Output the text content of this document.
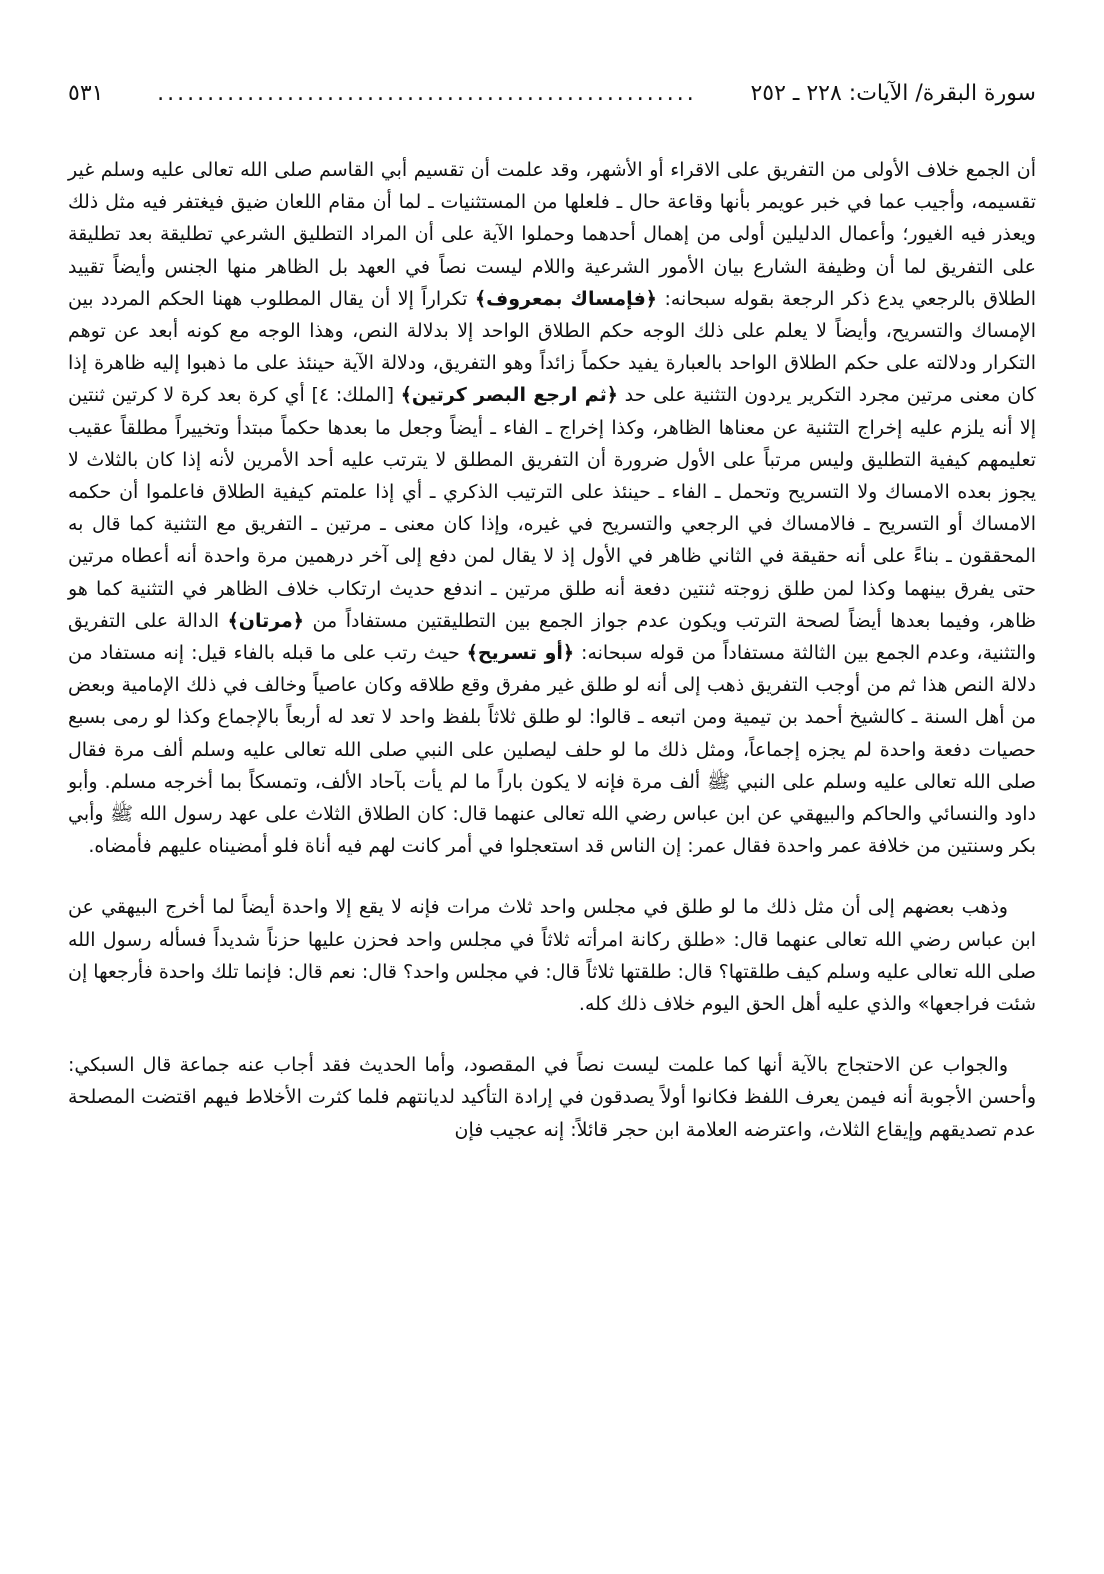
سورة البقرة/ الآيات: ٢٢٨ ـ ٢٥٢
......................................................
٥٣١

أن الجمع خلاف الأولى من التفريق على الاقراء أو الأشهر، وقد علمت أن تقسيم أبي القاسم صلى الله تعالى عليه وسلم غير تقسيمه، وأجيب عما في خبر عويمر بأنها وقاعة حال ـ فلعلها من المستثنيات ـ لما أن مقام اللعان ضيق فيغتفر فيه مثل ذلك ويعذر فيه الغيور؛ وأعمال الدليلين أولى من إهمال أحدهما وحملوا الآية على أن المراد التطليق الشرعي تطليقة بعد تطليقة على التفريق لما أن وظيفة الشارع بيان الأمور الشرعية واللام ليست نصاً في العهد بل الظاهر منها الجنس وأيضاً تقييد الطلاق بالرجعي يدع ذكر الرجعة بقوله سبحانه: ﴿فإمساك بمعروف﴾ تكراراً إلا أن يقال المطلوب ههنا الحكم المردد بين الإمساك والتسريح، وأيضاً لا يعلم على ذلك الوجه حكم الطلاق الواحد إلا بدلالة النص، وهذا الوجه مع كونه أبعد عن توهم التكرار ودلالته على حكم الطلاق الواحد بالعبارة يفيد حكماً زائداً وهو التفريق، ودلالة الآية حينئذ على ما ذهبوا إليه ظاهرة إذا كان معنى مرتين مجرد التكرير يردون التثنية على حد ﴿ثم ارجع البصر كرتين﴾ [الملك: ٤] أي كرة بعد كرة لا كرتين ثنتين إلا أنه يلزم عليه إخراج التثنية عن معناها الظاهر، وكذا إخراج ـ الفاء ـ أيضاً وجعل ما بعدها حكماً مبتدأ وتخييراً مطلقاً عقيب تعليمهم كيفية التطليق وليس مرتباً على الأول ضرورة أن التفريق المطلق لا يترتب عليه أحد الأمرين لأنه إذا كان بالثلاث لا يجوز بعده الامساك ولا التسريح وتحمل ـ الفاء ـ حينئذ على الترتيب الذكري ـ أي إذا علمتم كيفية الطلاق فاعلموا أن حكمه الامساك أو التسريح ـ فالامساك في الرجعي والتسريح في غيره، وإذا كان معنى ـ مرتين ـ التفريق مع التثنية كما قال به المحققون ـ بناءً على أنه حقيقة في الثاني ظاهر في الأول إذ لا يقال لمن دفع إلى آخر درهمين مرة واحدة أنه أعطاه مرتين حتى يفرق بينهما وكذا لمن طلق زوجته ثنتين دفعة أنه طلق مرتين ـ اندفع حديث ارتكاب خلاف الظاهر في التثنية كما هو ظاهر، وفيما بعدها أيضاً لصحة الترتب ويكون عدم جواز الجمع بين التطليقتين مستفاداً من ﴿مرتان﴾ الدالة على التفريق والتثنية، وعدم الجمع بين الثالثة مستفاداً من قوله سبحانه: ﴿أو تسريح﴾ حيث رتب على ما قبله بالفاء قيل: إنه مستفاد من دلالة النص هذا ثم من أوجب التفريق ذهب إلى أنه لو طلق غير مفرق وقع طلاقه وكان عاصياً وخالف في ذلك الإمامية وبعض من أهل السنة ـ كالشيخ أحمد بن تيمية ومن اتبعه ـ قالوا: لو طلق ثلاثاً بلفظ واحد لا تعد له أربعاً بالإجماع وكذا لو رمى بسبع حصيات دفعة واحدة لم يجزه إجماعاً، ومثل ذلك ما لو حلف ليصلين على النبي صلى الله تعالى عليه وسلم ألف مرة فقال صلى الله تعالى عليه وسلم على النبي ﷺ ألف مرة فإنه لا يكون باراً ما لم يأت بآحاد الألف، وتمسكاً بما أخرجه مسلم. وأبو داود والنسائي والحاكم والبيهقي عن ابن عباس رضي الله تعالى عنهما قال: كان الطلاق الثلاث على عهد رسول الله ﷺ وأبي بكر وسنتين من خلافة عمر واحدة فقال عمر: إن الناس قد استعجلوا في أمر كانت لهم فيه أناة فلو أمضيناه عليهم فأمضاه.

وذهب بعضهم إلى أن مثل ذلك ما لو طلق في مجلس واحد ثلاث مرات فإنه لا يقع إلا واحدة أيضاً لما أخرج البيهقي عن ابن عباس رضي الله تعالى عنهما قال: «طلق ركانة امرأته ثلاثاً في مجلس واحد فحزن عليها حزناً شديداً فسأله رسول الله صلى الله تعالى عليه وسلم كيف طلقتها؟ قال: طلقتها ثلاثاً قال: في مجلس واحد؟ قال: نعم قال: فإنما تلك واحدة فأرجعها إن شئت فراجعها» والذي عليه أهل الحق اليوم خلاف ذلك كله.

والجواب عن الاحتجاج بالآية أنها كما علمت ليست نصاً في المقصود، وأما الحديث فقد أجاب عنه جماعة قال السبكي: وأحسن الأجوبة أنه فيمن يعرف اللفظ فكانوا أولاً يصدقون في إرادة التأكيد لديانتهم فلما كثرت الأخلاط فيهم اقتضت المصلحة عدم تصديقهم وإيقاع الثلاث، واعترضه العلامة ابن حجر قائلاً: إنه عجيب فإن
